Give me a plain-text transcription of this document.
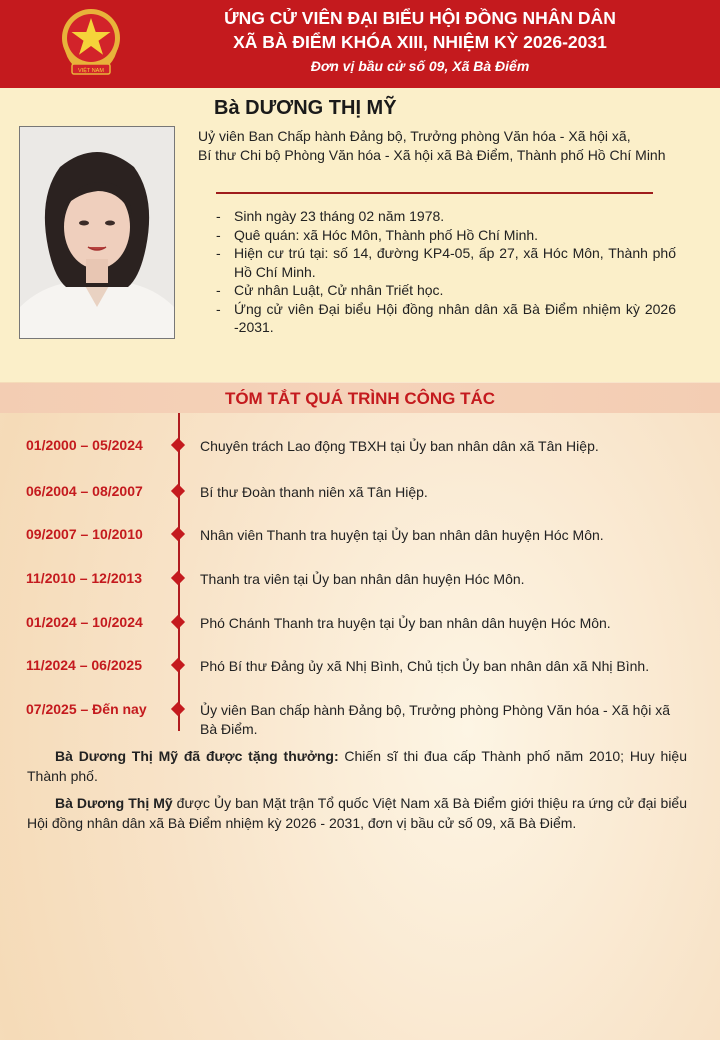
VIỆT NAM
ỨNG CỬ VIÊN ĐẠI BIỂU HỘI ĐỒNG NHÂN DÂN
XÃ BÀ ĐIỂM KHÓA XIII, NHIỆM KỲ 2026-2031
Đơn vị bầu cử số 09, Xã Bà Điểm
Bà DƯƠNG THỊ MỸ
Uỷ viên Ban Chấp hành Đảng bộ, Trưởng phòng Văn hóa - Xã hội xã,
Bí thư Chi bộ Phòng Văn hóa - Xã hội xã Bà Điểm, Thành phố Hồ Chí Minh
- Sinh ngày 23 tháng 02 năm 1978.
- Quê quán: xã Hóc Môn, Thành phố Hồ Chí Minh.
- Hiện cư trú tại: số 14, đường KP4-05, ấp 27, xã Hóc Môn, Thành phố Hồ Chí Minh.
- Cử nhân Luật, Cử nhân Triết học.
- Ứng cử viên Đại biểu Hội đồng nhân dân xã Bà Điểm nhiệm kỳ 2026 -2031.
TÓM TẮT QUÁ TRÌNH CÔNG TÁC
01/2000 – 05/2024	Chuyên trách Lao động TBXH tại Ủy ban nhân dân xã Tân Hiệp.
06/2004 – 08/2007	Bí thư Đoàn thanh niên xã Tân Hiệp.
09/2007 – 10/2010	Nhân viên Thanh tra huyện tại Ủy ban nhân dân huyện Hóc Môn.
11/2010 – 12/2013	Thanh tra viên tại Ủy ban nhân dân huyện Hóc Môn.
01/2024 – 10/2024	Phó Chánh Thanh tra huyện tại Ủy ban nhân dân huyện Hóc Môn.
11/2024 – 06/2025	Phó Bí thư Đảng ủy xã Nhị Bình, Chủ tịch Ủy ban nhân dân xã Nhị Bình.
07/2025 – Đến nay	Ủy viên Ban chấp hành Đảng bộ, Trưởng phòng Phòng Văn hóa - Xã hội xã Bà Điểm.
Bà Dương Thị Mỹ đã được tặng thưởng: Chiến sĩ thi đua cấp Thành phố năm 2010; Huy hiệu Thành phố.
Bà Dương Thị Mỹ được Ủy ban Mặt trận Tổ quốc Việt Nam xã Bà Điểm giới thiệu ra ứng cử đại biểu Hội đồng nhân dân xã Bà Điểm nhiệm kỳ 2026 - 2031, đơn vị bầu cử số 09, xã Bà Điểm.
